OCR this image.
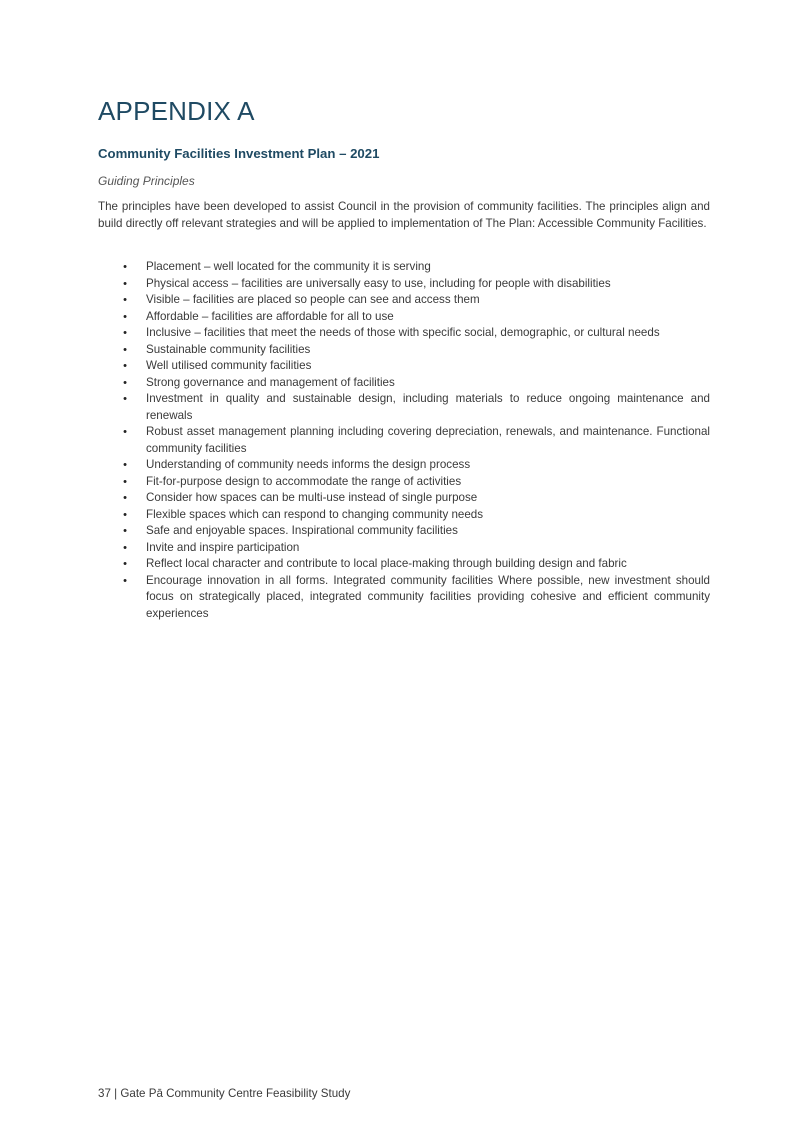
APPENDIX A
Community Facilities Investment Plan – 2021

Guiding Principles

The principles have been developed to assist Council in the provision of community facilities. The principles align and build directly off relevant strategies and will be applied to implementation of The Plan: Accessible Community Facilities.

• Placement – well located for the community it is serving
• Physical access – facilities are universally easy to use, including for people with disabilities
• Visible – facilities are placed so people can see and access them
• Affordable – facilities are affordable for all to use
• Inclusive – facilities that meet the needs of those with specific social, demographic, or cultural needs
• Sustainable community facilities
• Well utilised community facilities
• Strong governance and management of facilities
• Investment in quality and sustainable design, including materials to reduce ongoing maintenance and renewals
• Robust asset management planning including covering depreciation, renewals, and maintenance. Functional community facilities
• Understanding of community needs informs the design process
• Fit-for-purpose design to accommodate the range of activities
• Consider how spaces can be multi-use instead of single purpose
• Flexible spaces which can respond to changing community needs
• Safe and enjoyable spaces. Inspirational community facilities
• Invite and inspire participation
• Reflect local character and contribute to local place-making through building design and fabric
• Encourage innovation in all forms. Integrated community facilities Where possible, new investment should focus on strategically placed, integrated community facilities providing cohesive and efficient community experiences

37 | Gate Pā Community Centre Feasibility Study
